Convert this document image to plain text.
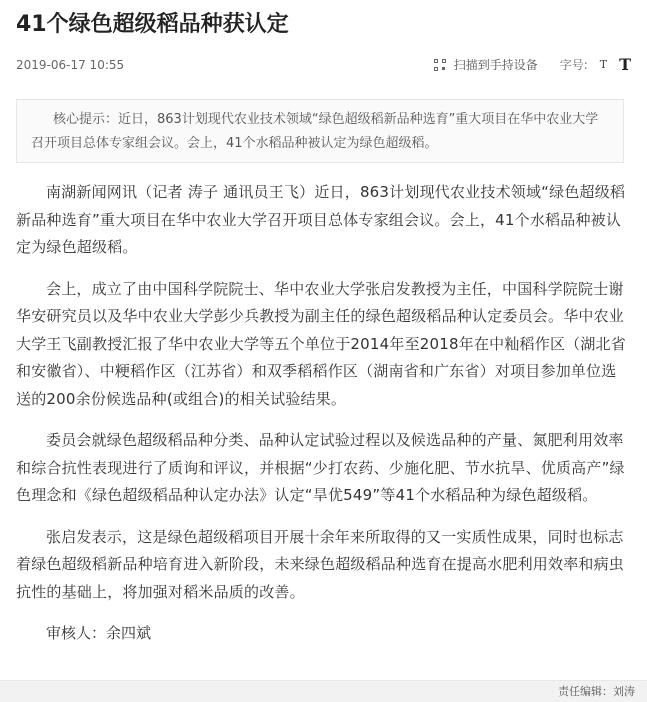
41个绿色超级稻品种获认定
2019-06-17 10:55	扫描到手持设备 字号: T T
核心提示：近日，863计划现代农业技术领域“绿色超级稻新品种选育”重大项目在华中农业大学召开项目总体专家组会议。会上，41个水稻品种被认定为绿色超级稻。

南湖新闻网讯（记者 涛子 通讯员王飞）近日，863计划现代农业技术领域“绿色超级稻新品种选育”重大项目在华中农业大学召开项目总体专家组会议。会上，41个水稻品种被认定为绿色超级稻。

会上，成立了由中国科学院院士、华中农业大学张启发教授为主任，中国科学院院士谢华安研究员以及华中农业大学彭少兵教授为副主任的绿色超级稻品种认定委员会。华中农业大学王飞副教授汇报了华中农业大学等五个单位于2014年至2018年在中籼稻作区（湖北省和安徽省）、中粳稻作区（江苏省）和双季稻稻作区（湖南省和广东省）对项目参加单位选送的200余份候选品种(或组合)的相关试验结果。

委员会就绿色超级稻品种分类、品种认定试验过程以及候选品种的产量、氮肥利用效率和综合抗性表现进行了质询和评议，并根据“少打农药、少施化肥、节水抗旱、优质高产”绿色理念和《绿色超级稻品种认定办法》认定“旱优549”等41个水稻品种为绿色超级稻。

张启发表示，这是绿色超级稻项目开展十余年来所取得的又一实质性成果，同时也标志着绿色超级稻新品种培育进入新阶段，未来绿色超级稻品种选育在提高水肥利用效率和病虫抗性的基础上，将加强对稻米品质的改善。

审核人：余四斌
责任编辑：刘涛
